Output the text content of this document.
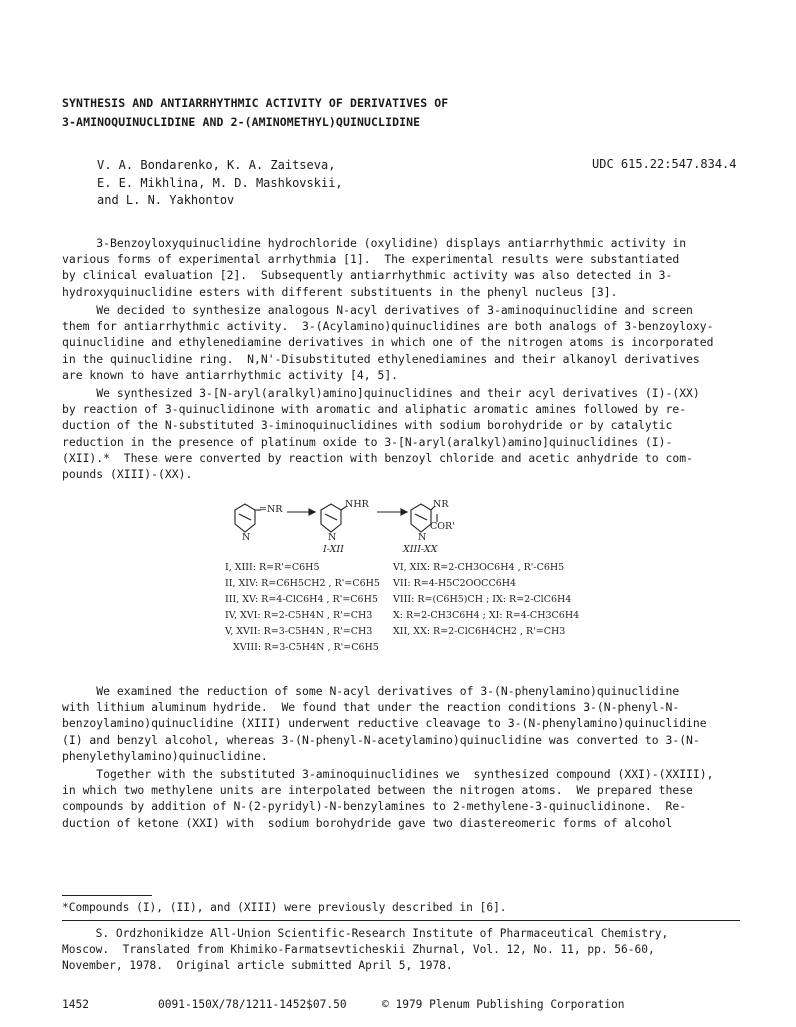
SYNTHESIS AND ANTIARRHYTHMIC ACTIVITY OF DERIVATIVES OF
3-AMINOQUINUCLIDINE AND 2-(AMINOMETHYL)QUINUCLIDINE
V. A. Bondarenko, K. A. Zaitseva,
E. E. Mikhlina, M. D. Mashkovskii,
and L. N. Yakhontov
UDC 615.22:547.834.4
3-Benzoyloxyquinuclidine hydrochloride (oxylidine) displays antiarrhythmic activity in
various forms of experimental arrhythmia [1].  The experimental results were substantiated
by clinical evaluation [2].  Subsequently antiarrhythmic activity was also detected in 3-
hydroxyquinuclidine esters with different substituents in the phenyl nucleus [3].
We decided to synthesize analogous N-acyl derivatives of 3-aminoquinuclidine and screen
them for antiarrhythmic activity.  3-(Acylamino)quinuclidines are both analogs of 3-benzoyloxy-
quinuclidine and ethylenediamine derivatives in which one of the nitrogen atoms is incorporated
in the quinuclidine ring.  N,N'-Disubstituted ethylenediamines and their alkanoyl derivatives
are known to have antiarrhythmic activity [4, 5].
We synthesized 3-[N-aryl(aralkyl)amino]quinuclidines and their acyl derivatives (I)-(XX)
by reaction of 3-quinuclidinone with aromatic and aliphatic aromatic amines followed by re-
duction of the N-substituted 3-iminoquinuclidines with sodium borohydride or by catalytic
reduction in the presence of platinum oxide to 3-[N-aryl(aralkyl)amino]quinuclidines (I)-
(XII).*  These were converted by reaction with benzoyl chloride and acetic anhydride to com-
pounds (XIII)-(XX).
=NR
N
NHR
N
I-XII
NR
COR'
N
XIII-XX
I, XIII: R=R'=C6H5
II, XIV: R=C6H5CH2 , R'=C6H5
III, XV: R=4-ClC6H4 , R'=C6H5
IV, XVI: R=2-C5H4N , R'=CH3
V, XVII: R=3-C5H4N , R'=CH3
XVIII: R=3-C5H4N , R'=C6H5
VI, XIX: R=2-CH3OC6H4 , R'-C6H5
VII: R=4-H5C2OOCC6H4
VIII: R=(C6H5)CH ; IX: R=2-ClC6H4
X: R=2-CH3C6H4 ; XI: R=4-CH3C6H4
XII, XX: R=2-ClC6H4CH2 , R'=CH3
We examined the reduction of some N-acyl derivatives of 3-(N-phenylamino)quinuclidine
with lithium aluminum hydride.  We found that under the reaction conditions 3-(N-phenyl-N-
benzoylamino)quinuclidine (XIII) underwent reductive cleavage to 3-(N-phenylamino)quinuclidine
(I) and benzyl alcohol, whereas 3-(N-phenyl-N-acetylamino)quinuclidine was converted to 3-(N-
phenylethylamino)quinuclidine.
Together with the substituted 3-aminoquinuclidines we  synthesized compound (XXI)-(XXIII),
in which two methylene units are interpolated between the nitrogen atoms.  We prepared these
compounds by addition of N-(2-pyridyl)-N-benzylamines to 2-methylene-3-quinuclidinone.  Re-
duction of ketone (XXI) with  sodium borohydride gave two diastereomeric forms of alcohol
*Compounds (I), (II), and (XIII) were previously described in [6].
S. Ordzhonikidze All-Union Scientific-Research Institute of Pharmaceutical Chemistry,
Moscow.  Translated from Khimiko-Farmatsevticheskii Zhurnal, Vol. 12, No. 11, pp. 56-60,
November, 1978.  Original article submitted April 5, 1978.
1452	0091-150X/78/1211-1452$07.50	© 1979 Plenum Publishing Corporation
